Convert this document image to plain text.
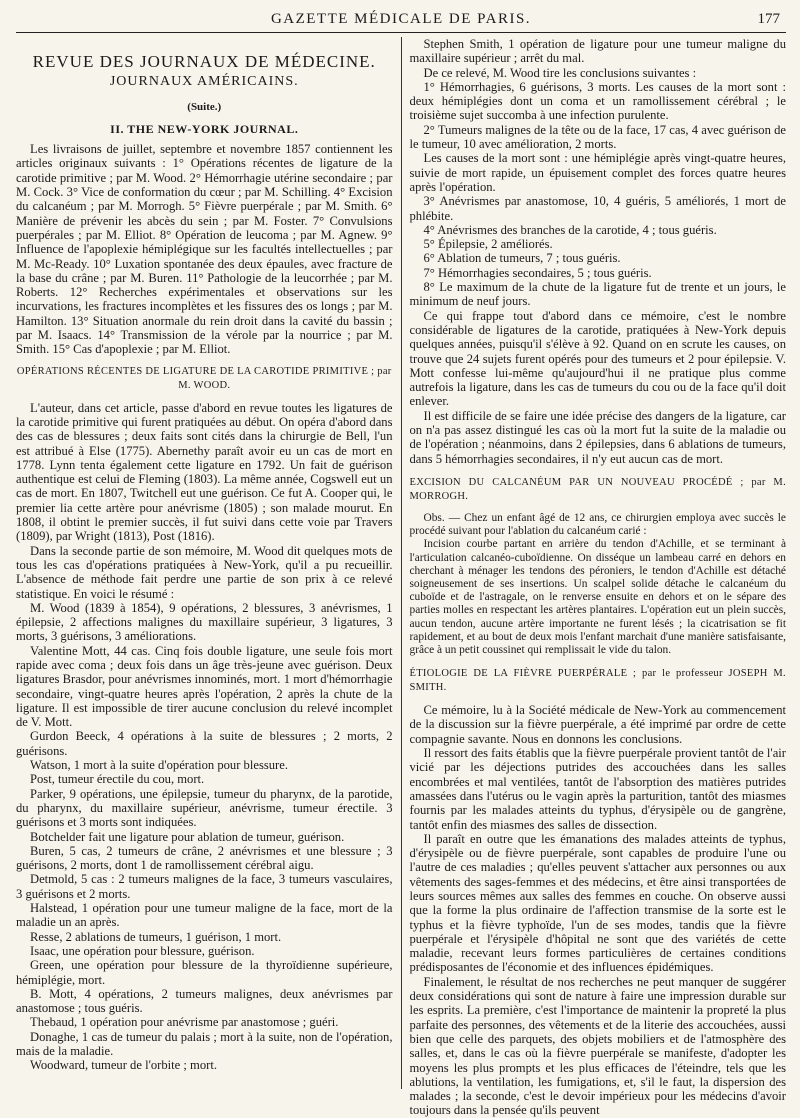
GAZETTE MÉDICALE DE PARIS.	177
REVUE DES JOURNAUX DE MÉDECINE.
JOURNAUX AMÉRICAINS.
(Suite.)
II. THE NEW-YORK JOURNAL.

Les livraisons de juillet, septembre et novembre 1857 contiennent les articles originaux suivants : 1° Opérations récentes de ligature de la carotide primitive ; par M. Wood. 2° Hémorrhagie utérine secondaire ; par M. Cock. 3° Vice de conformation du cœur ; par M. Schilling. 4° Excision du calcanéum ; par M. Morrogh. 5° Fièvre puerpérale ; par M. Smith. 6° Manière de prévenir les abcès du sein ; par M. Foster. 7° Convulsions puerpérales ; par M. Elliot. 8° Opération de leucoma ; par M. Agnew. 9° Influence de l'apoplexie hémiplégique sur les facultés intellectuelles ; par M. Mc-Ready. 10° Luxation spontanée des deux épaules, avec fracture de la base du crâne ; par M. Buren. 11° Pathologie de la leucorrhée ; par M. Roberts. 12° Recherches expérimentales et observations sur les incurvations, les fractures incomplètes et les fissures des os longs ; par M. Hamilton. 13° Situation anormale du rein droit dans la cavité du bassin ; par M. Isaacs. 14° Transmission de la vérole par la nourrice ; par M. Smith. 15° Cas d'apoplexie ; par M. Elliot.

OPÉRATIONS RÉCENTES DE LIGATURE DE LA CAROTIDE PRIMITIVE ; par M. WOOD.

L'auteur, dans cet article, passe d'abord en revue toutes les ligatures de la carotide primitive qui furent pratiquées au début. On opéra d'abord dans des cas de blessures ; deux faits sont cités dans la chirurgie de Bell, l'un est attribué à Else (1775). Abernethy paraît avoir eu un cas de mort en 1778. Lynn tenta également cette ligature en 1792. Un fait de guérison authentique est celui de Fleming (1803). La même année, Cogswell eut un cas de mort. En 1807, Twitchell eut une guérison. Ce fut A. Cooper qui, le premier lia cette artère pour anévrisme (1805) ; son malade mourut. En 1808, il obtint le premier succès, il fut suivi dans cette voie par Travers (1809), par Wright (1813), Post (1816).

Dans la seconde partie de son mémoire, M. Wood dit quelques mots de tous les cas d'opérations pratiquées à New-York, qu'il a pu recueillir. L'absence de méthode fait perdre une partie de son prix à ce relevé statistique. En voici le résumé :

M. Wood (1839 à 1854), 9 opérations, 2 blessures, 3 anévrismes, 1 épilepsie, 2 affections malignes du maxillaire supérieur, 3 ligatures, 3 morts, 3 guérisons, 3 améliorations.

Valentine Mott, 44 cas. Cinq fois double ligature, une seule fois mort rapide avec coma ; deux fois dans un âge très-jeune avec guérison. Deux ligatures Brasdor, pour anévrismes innominés, mort. 1 mort d'hémorrhagie secondaire, vingt-quatre heures après l'opération, 2 après la chute de la ligature. Il est impossible de tirer aucune conclusion du relevé incomplet de V. Mott.

Gurdon Beeck, 4 opérations à la suite de blessures ; 2 morts, 2 guérisons.

Watson, 1 mort à la suite d'opération pour blessure.

Post, tumeur érectile du cou, mort.

Parker, 9 opérations, une épilepsie, tumeur du pharynx, de la parotide, du pharynx, du maxillaire supérieur, anévrisme, tumeur érectile. 3 guérisons et 3 morts sont indiquées.

Botchelder fait une ligature pour ablation de tumeur, guérison.

Buren, 5 cas, 2 tumeurs de crâne, 2 anévrismes et une blessure ; 3 guérisons, 2 morts, dont 1 de ramollissement cérébral aigu.

Detmold, 5 cas : 2 tumeurs malignes de la face, 3 tumeurs vasculaires, 3 guérisons et 2 morts.

Halstead, 1 opération pour une tumeur maligne de la face, mort de la maladie un an après.

Resse, 2 ablations de tumeurs, 1 guérison, 1 mort.

Isaac, une opération pour blessure, guérison.

Green, une opération pour blessure de la thyroïdienne supérieure, hémiplégie, mort.

B. Mott, 4 opérations, 2 tumeurs malignes, deux anévrismes par anastomose ; tous guéris.

Thebaud, 1 opération pour anévrisme par anastomose ; guéri.

Donaghe, 1 cas de tumeur du palais ; mort à la suite, non de l'opération, mais de la maladie.

Woodward, tumeur de l'orbite ; mort.

Stephen Smith, 1 opération de ligature pour une tumeur maligne du maxillaire supérieur ; arrêt du mal.

De ce relevé, M. Wood tire les conclusions suivantes :

1° Hémorrhagies, 6 guérisons, 3 morts. Les causes de la mort sont : deux hémiplégies dont un coma et un ramollissement cérébral ; le troisième sujet succomba à une infection purulente.

2° Tumeurs malignes de la tête ou de la face, 17 cas, 4 avec guérison de le tumeur, 10 avec amélioration, 2 morts.

Les causes de la mort sont : une hémiplégie après vingt-quatre heures, suivie de mort rapide, un épuisement complet des forces quatre heures après l'opération.

3° Anévrismes par anastomose, 10, 4 guéris, 5 améliorés, 1 mort de phlébite.

4° Anévrismes des branches de la carotide, 4 ; tous guéris.

5° Épilepsie, 2 améliorés.

6° Ablation de tumeurs, 7 ; tous guéris.

7° Hémorrhagies secondaires, 5 ; tous guéris.

8° Le maximum de la chute de la ligature fut de trente et un jours, le minimum de neuf jours.

Ce qui frappe tout d'abord dans ce mémoire, c'est le nombre considérable de ligatures de la carotide, pratiquées à New-York depuis quelques années, puisqu'il s'élève à 92. Quand on en scrute les causes, on trouve que 24 sujets furent opérés pour des tumeurs et 2 pour épilepsie. V. Mott confesse lui-même qu'aujourd'hui il ne pratique plus comme autrefois la ligature, dans les cas de tumeurs du cou ou de la face qu'il doit enlever.

Il est difficile de se faire une idée précise des dangers de la ligature, car on n'a pas assez distingué les cas où la mort fut la suite de la maladie ou de l'opération ; néanmoins, dans 2 épilepsies, dans 6 ablations de tumeurs, dans 5 hémorrhagies secondaires, il n'y eut aucun cas de mort.

EXCISION DU CALCANÉUM PAR UN NOUVEAU PROCÉDÉ ; par M. MORROGH.

Obs. — Chez un enfant âgé de 12 ans, ce chirurgien employa avec succès le procédé suivant pour l'ablation du calcanéum carié :

Incision courbe partant en arrière du tendon d'Achille, et se terminant à l'articulation calcanéo-cuboïdienne. On disséque un lambeau carré en dehors en cherchant à ménager les tendons des péroniers, le tendon d'Achille est détaché soigneusement de ses insertions. Un scalpel solide détache le calcanéum du cuboïde et de l'astragale, on le renverse ensuite en dehors et on le sépare des parties molles en respectant les artères plantaires. L'opération eut un plein succès, aucun tendon, aucune artère importante ne furent lésés ; la cicatrisation se fit rapidement, et au bout de deux mois l'enfant marchait d'une manière satisfaisante, grâce à un petit coussinet qui remplissait le vide du talon.

ÉTIOLOGIE DE LA FIÈVRE PUERPÉRALE ; par le professeur JOSEPH M. SMITH.

Ce mémoire, lu à la Société médicale de New-York au commencement de la discussion sur la fièvre puerpérale, a été imprimé par ordre de cette compagnie savante. Nous en donnons les conclusions.

Il ressort des faits établis que la fièvre puerpérale provient tantôt de l'air vicié par les déjections putrides des accouchées dans les salles encombrées et mal ventilées, tantôt de l'absorption des matières putrides amassées dans l'utérus ou le vagin après la parturition, tantôt des miasmes fournis par les malades atteints du typhus, d'érysipèle ou de gangrène, tantôt enfin des miasmes des salles de dissection.

Il paraît en outre que les émanations des malades atteints de typhus, d'érysipèle ou de fièvre puerpérale, sont capables de produire l'une ou l'autre de ces maladies ; qu'elles peuvent s'attacher aux personnes ou aux vêtements des sages-femmes et des médecins, et être ainsi transportées de leurs sources mêmes aux salles des femmes en couche. On observe aussi que la forme la plus ordinaire de l'affection transmise de la sorte est le typhus et la fièvre typhoïde, l'un de ses modes, tandis que la fièvre puerpérale et l'érysipèle d'hôpital ne sont que des variétés de cette maladie, recevant leurs formes particulières de certaines conditions prédisposantes de l'économie et des influences épidémiques.

Finalement, le résultat de nos recherches ne peut manquer de suggérer deux considérations qui sont de nature à faire une impression durable sur les esprits. La première, c'est l'importance de maintenir la propreté la plus parfaite des personnes, des vêtements et de la literie des accouchées, aussi bien que celle des parquets, des objets mobiliers et de l'atmosphère des salles, et, dans le cas où la fièvre puerpérale se manifeste, d'adopter les moyens les plus prompts et les plus efficaces de l'éteindre, tels que les ablutions, la ventilation, les fumigations, et, s'il le faut, la dispersion des malades ; la seconde, c'est le devoir impérieux pour les médecins d'avoir toujours dans la pensée qu'ils peuvent
